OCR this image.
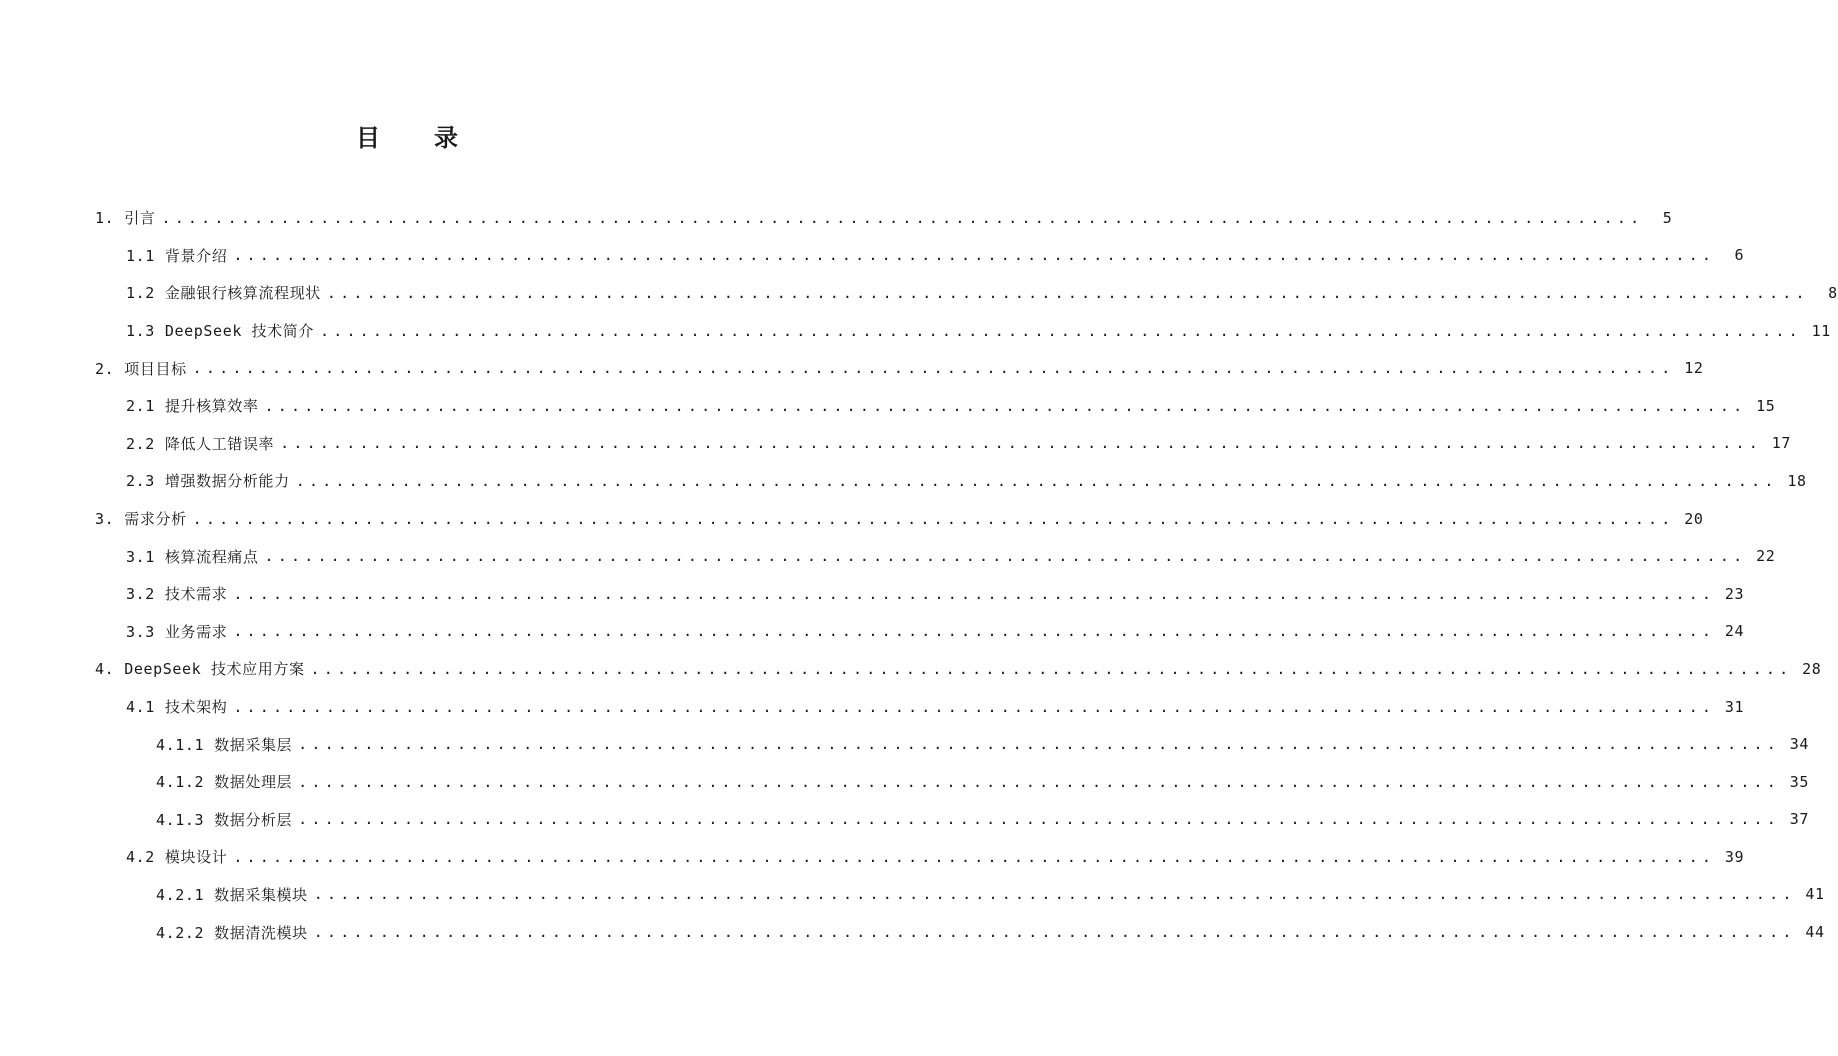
目 录
1. 引言 ................................................................................................................	5
1.1 背景介绍 ................................................................................................................	6
1.2 金融银行核算流程现状 ................................................................................................................	8
1.3 DeepSeek 技术简介 ................................................................................................................ 11
2. 项目目标 ................................................................................................................ 12
2.1 提升核算效率 ................................................................................................................ 15
2.2 降低人工错误率 ................................................................................................................ 17
2.3 增强数据分析能力 ................................................................................................................ 18
3. 需求分析 ................................................................................................................ 20
3.1 核算流程痛点 ................................................................................................................ 22
3.2 技术需求 ................................................................................................................ 23
3.3 业务需求 ................................................................................................................ 24
4. DeepSeek 技术应用方案 ................................................................................................................ 28
4.1 技术架构 ................................................................................................................ 31
4.1.1 数据采集层 ................................................................................................................ 34
4.1.2 数据处理层 ................................................................................................................ 35
4.1.3 数据分析层 ................................................................................................................ 37
4.2 模块设计 ................................................................................................................ 39
4.2.1 数据采集模块 ................................................................................................................ 41
4.2.2 数据清洗模块 ................................................................................................................ 44
